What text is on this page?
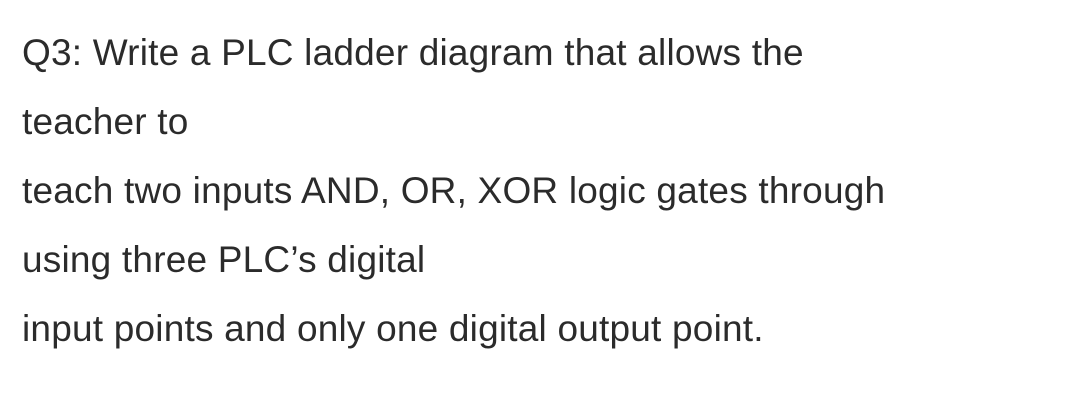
Q3: Write a PLC ladder diagram that allows the
teacher to
teach two inputs AND, OR, XOR logic gates through
using three PLC’s digital
input points and only one digital output point.
